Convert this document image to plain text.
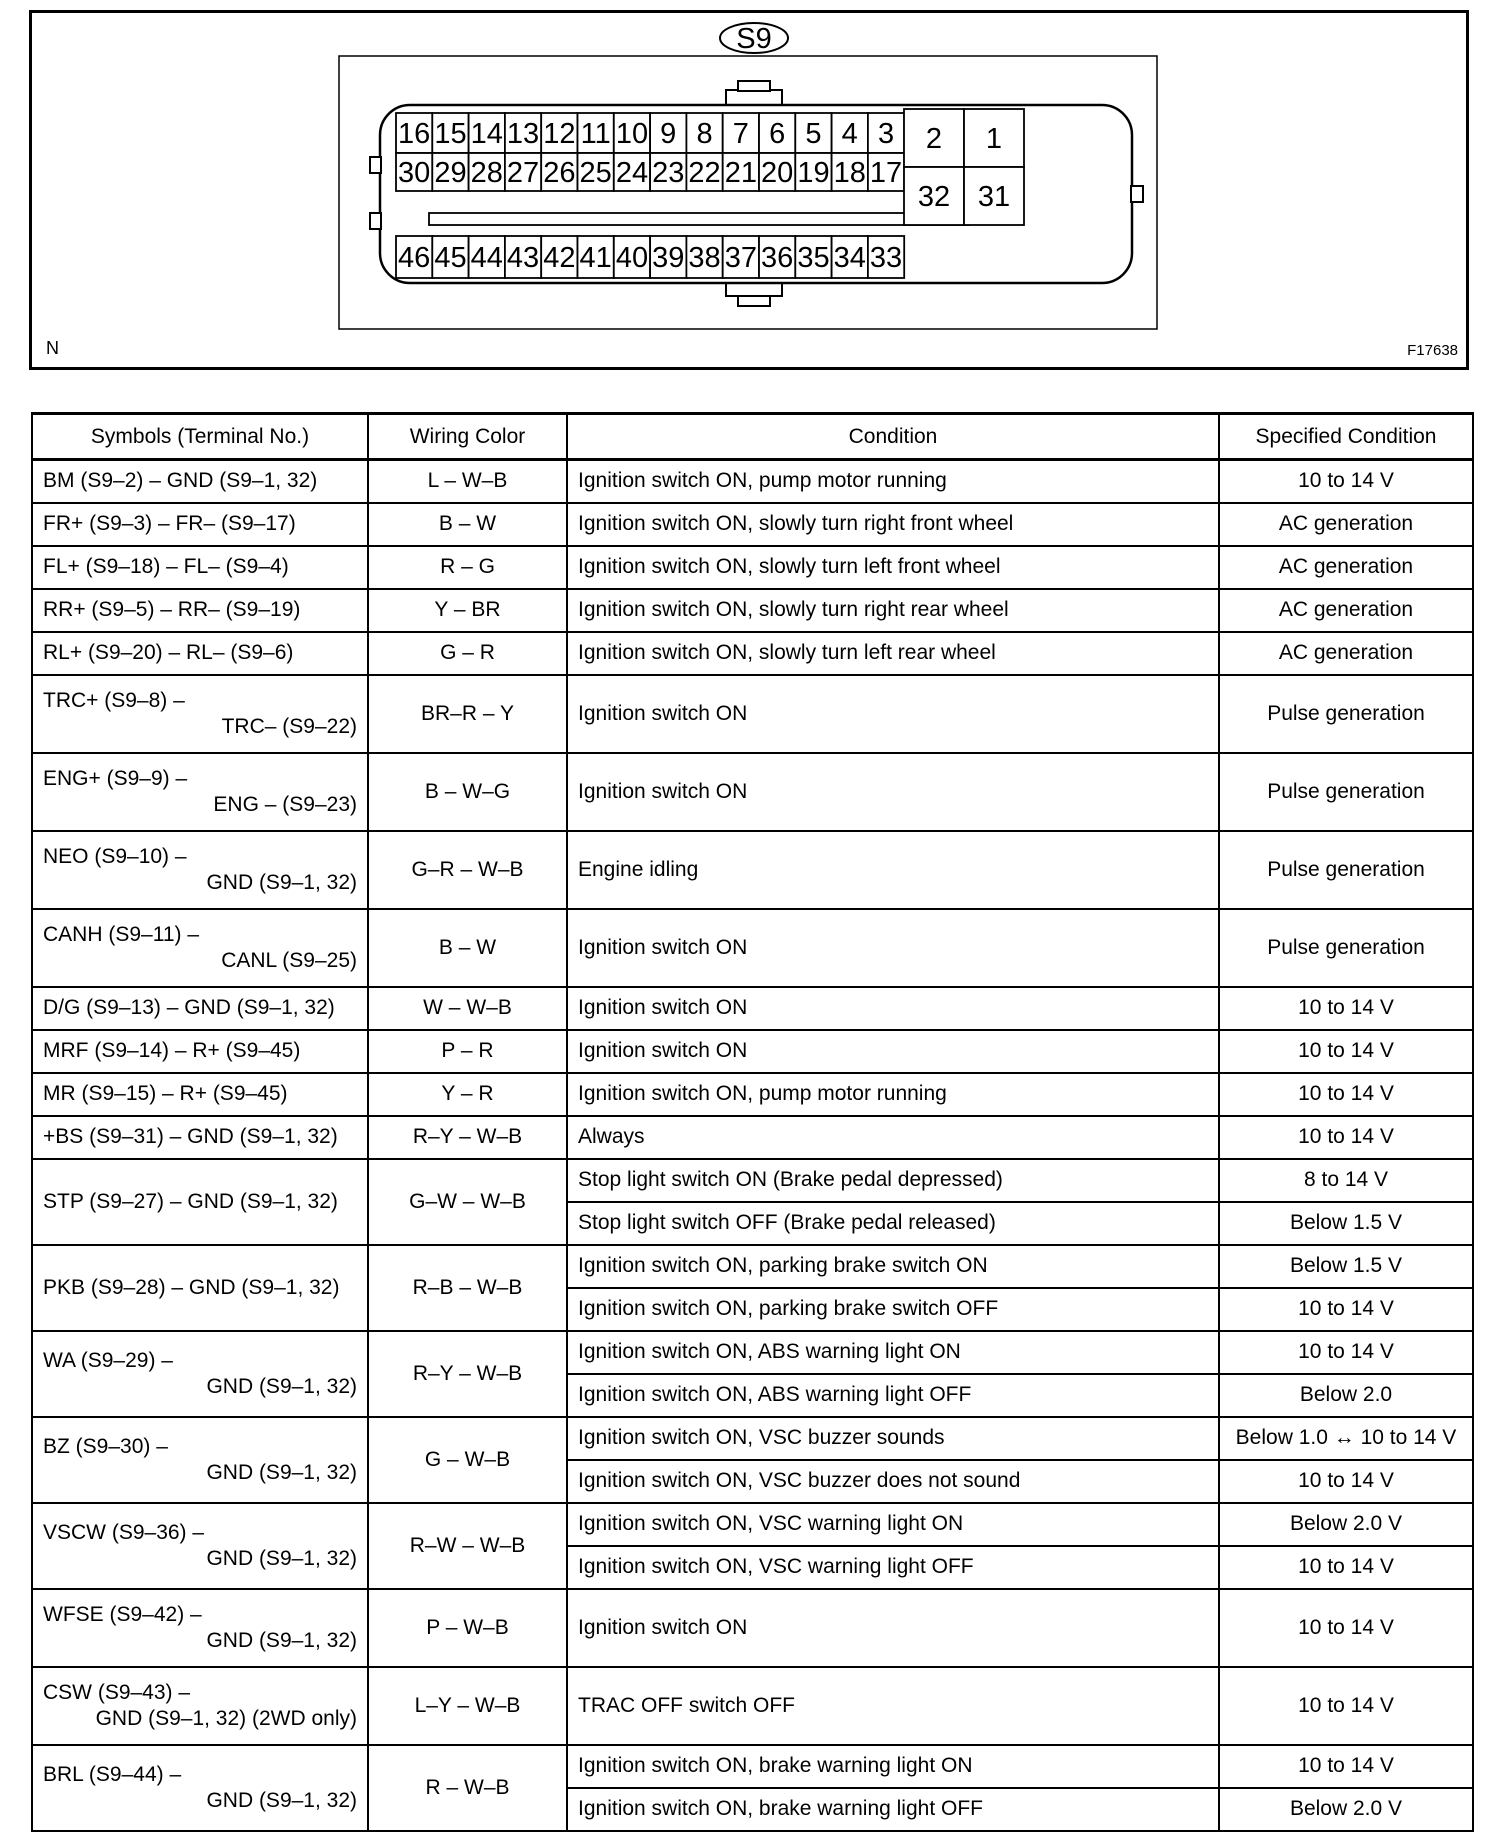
S9
16 15 14 13 12 11 10 9 8 7 6 5 4 3
30 29 28 27 26 25 24 23 22 21 20 19 18 17
46 45 44 43 42 41 40 39 38 37 36 35 34 33
2 1
32 31
N	F17638
Symbols (Terminal No.)	Wiring Color	Condition	Specified Condition

BM (S9–2) – GND (S9–1, 32)	L – W–B	Ignition switch ON, pump motor running	10 to 14 V

FR+ (S9–3) – FR– (S9–17)	B – W	Ignition switch ON, slowly turn right front wheel	AC generation

FL+ (S9–18) – FL– (S9–4)	R – G	Ignition switch ON, slowly turn left front wheel	AC generation

RR+ (S9–5) – RR– (S9–19)	Y – BR	Ignition switch ON, slowly turn right rear wheel	AC generation

RL+ (S9–20) – RL– (S9–6)	G – R	Ignition switch ON, slowly turn left rear wheel	AC generation

TRC+ (S9–8) –
TRC– (S9–22)	BR–R – Y	Ignition switch ON	Pulse generation

ENG+ (S9–9) –
ENG – (S9–23)	B – W–G	Ignition switch ON	Pulse generation

NEO (S9–10) –
GND (S9–1, 32)	G–R – W–B	Engine idling	Pulse generation

CANH (S9–11) –
CANL (S9–25)	B – W	Ignition switch ON	Pulse generation

D/G (S9–13) – GND (S9–1, 32)	W – W–B	Ignition switch ON	10 to 14 V

MRF (S9–14) – R+ (S9–45)	P – R	Ignition switch ON	10 to 14 V

MR (S9–15) – R+ (S9–45)	Y – R	Ignition switch ON, pump motor running	10 to 14 V

+BS (S9–31) – GND (S9–1, 32)	R–Y – W–B	Always	10 to 14 V

STP (S9–27) – GND (S9–1, 32)	G–W – W–B	Stop light switch ON (Brake pedal depressed)	8 to 14 V
		Stop light switch OFF (Brake pedal released)	Below 1.5 V

PKB (S9–28) – GND (S9–1, 32)	R–B – W–B	Ignition switch ON, parking brake switch ON	Below 1.5 V
		Ignition switch ON, parking brake switch OFF	10 to 14 V

WA (S9–29) –
GND (S9–1, 32)	R–Y – W–B	Ignition switch ON, ABS warning light ON	10 to 14 V
		Ignition switch ON, ABS warning light OFF	Below 2.0

BZ (S9–30) –
GND (S9–1, 32)	G – W–B	Ignition switch ON, VSC buzzer sounds	Below 1.0 ↔ 10 to 14 V
		Ignition switch ON, VSC buzzer does not sound	10 to 14 V

VSCW (S9–36) –
GND (S9–1, 32)	R–W – W–B	Ignition switch ON, VSC warning light ON	Below 2.0 V
		Ignition switch ON, VSC warning light OFF	10 to 14 V

WFSE (S9–42) –
GND (S9–1, 32)	P – W–B	Ignition switch ON	10 to 14 V

CSW (S9–43) –
GND (S9–1, 32) (2WD only)	L–Y – W–B	TRAC OFF switch OFF	10 to 14 V

BRL (S9–44) –
GND (S9–1, 32)	R – W–B	Ignition switch ON, brake warning light ON	10 to 14 V
		Ignition switch ON, brake warning light OFF	Below 2.0 V
